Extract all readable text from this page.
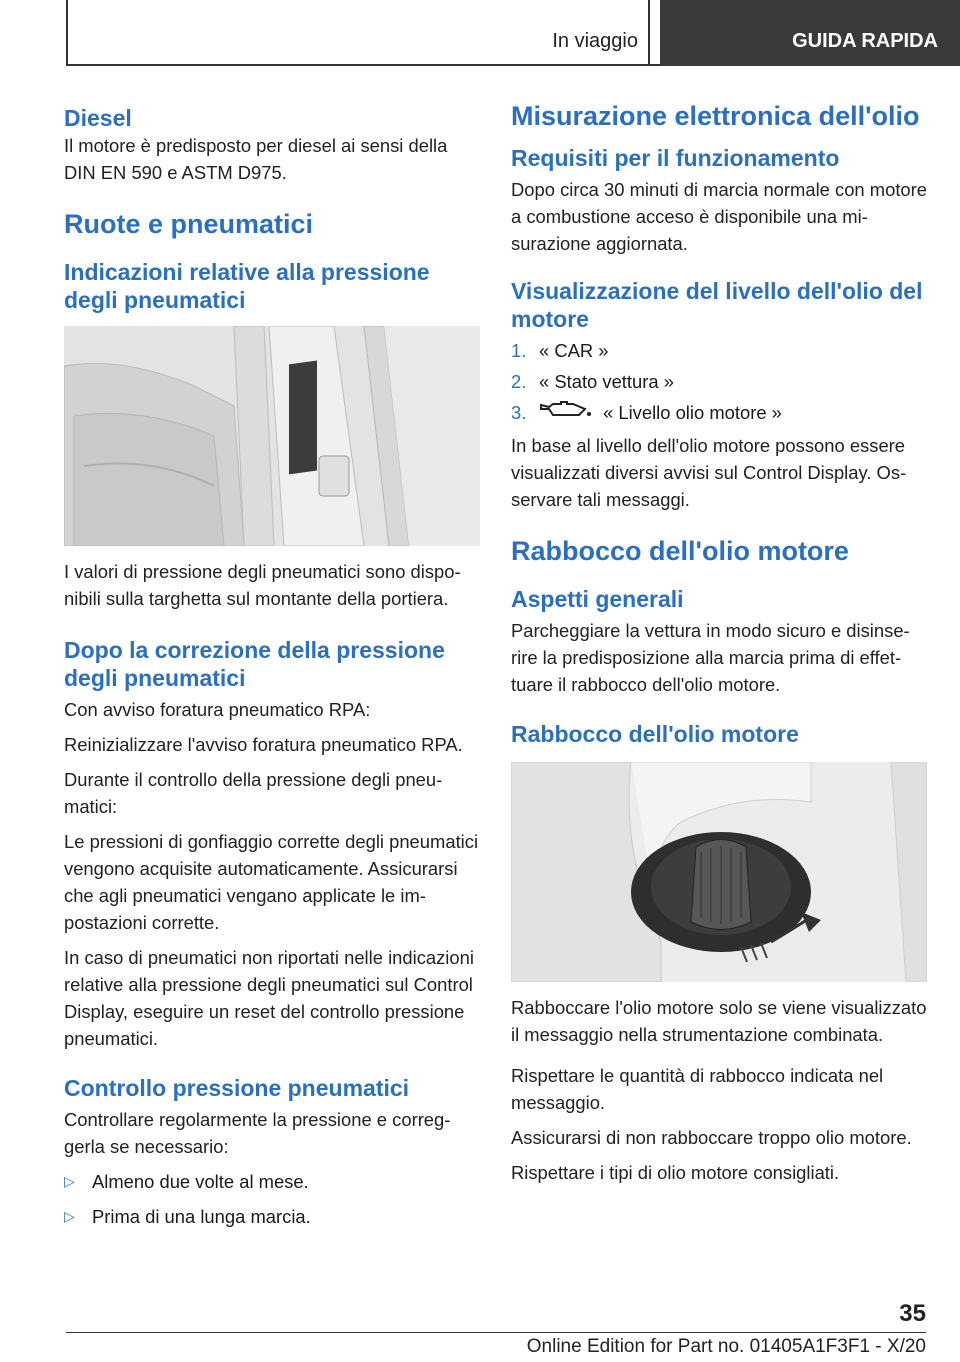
In viaggio	GUIDA RAPIDA
Diesel

Il motore è predisposto per diesel ai sensi della DIN EN 590 e ASTM D975.

Ruote e pneumatici
Indicazioni relative alla pressione degli pneumatici

I valori di pressione degli pneumatici sono disponibili sulla targhetta sul montante della portiera.

Dopo la correzione della pressione degli pneumatici

Con avviso foratura pneumatico RPA:

Reinizializzare l'avviso foratura pneumatico RPA.

Durante il controllo della pressione degli pneumatici:

Le pressioni di gonfiaggio corrette degli pneumatici vengono acquisite automaticamente. Assicurarsi che agli pneumatici vengano applicate le impostazioni corrette.

In caso di pneumatici non riportati nelle indicazioni relative alla pressione degli pneumatici sul Control Display, eseguire un reset del controllo pressione pneumatici.

Controllo pressione pneumatici

Controllare regolarmente la pressione e correggerla se necessario:

▷ Almeno due volte al mese.
▷ Prima di una lunga marcia.
Misurazione elettronica dell'olio
Requisiti per il funzionamento

Dopo circa 30 minuti di marcia normale con motore a combustione acceso è disponibile una misurazione aggiornata.

Visualizzazione del livello dell'olio del motore
1. « CAR »
2. « Stato vettura »
3.	« Livello olio motore »

In base al livello dell'olio motore possono essere visualizzati diversi avvisi sul Control Display. Osservare tali messaggi.

Rabbocco dell'olio motore
Aspetti generali

Parcheggiare la vettura in modo sicuro e disinserire la predisposizione alla marcia prima di effettuare il rabbocco dell'olio motore.

Rabbocco dell'olio motore

Rabboccare l'olio motore solo se viene visualizzato il messaggio nella strumentazione combinata.

Rispettare le quantità di rabbocco indicata nel messaggio.

Assicurarsi di non rabboccare troppo olio motore.

Rispettare i tipi di olio motore consigliati.

35
Online Edition for Part no. 01405A1F3F1 - X/20
